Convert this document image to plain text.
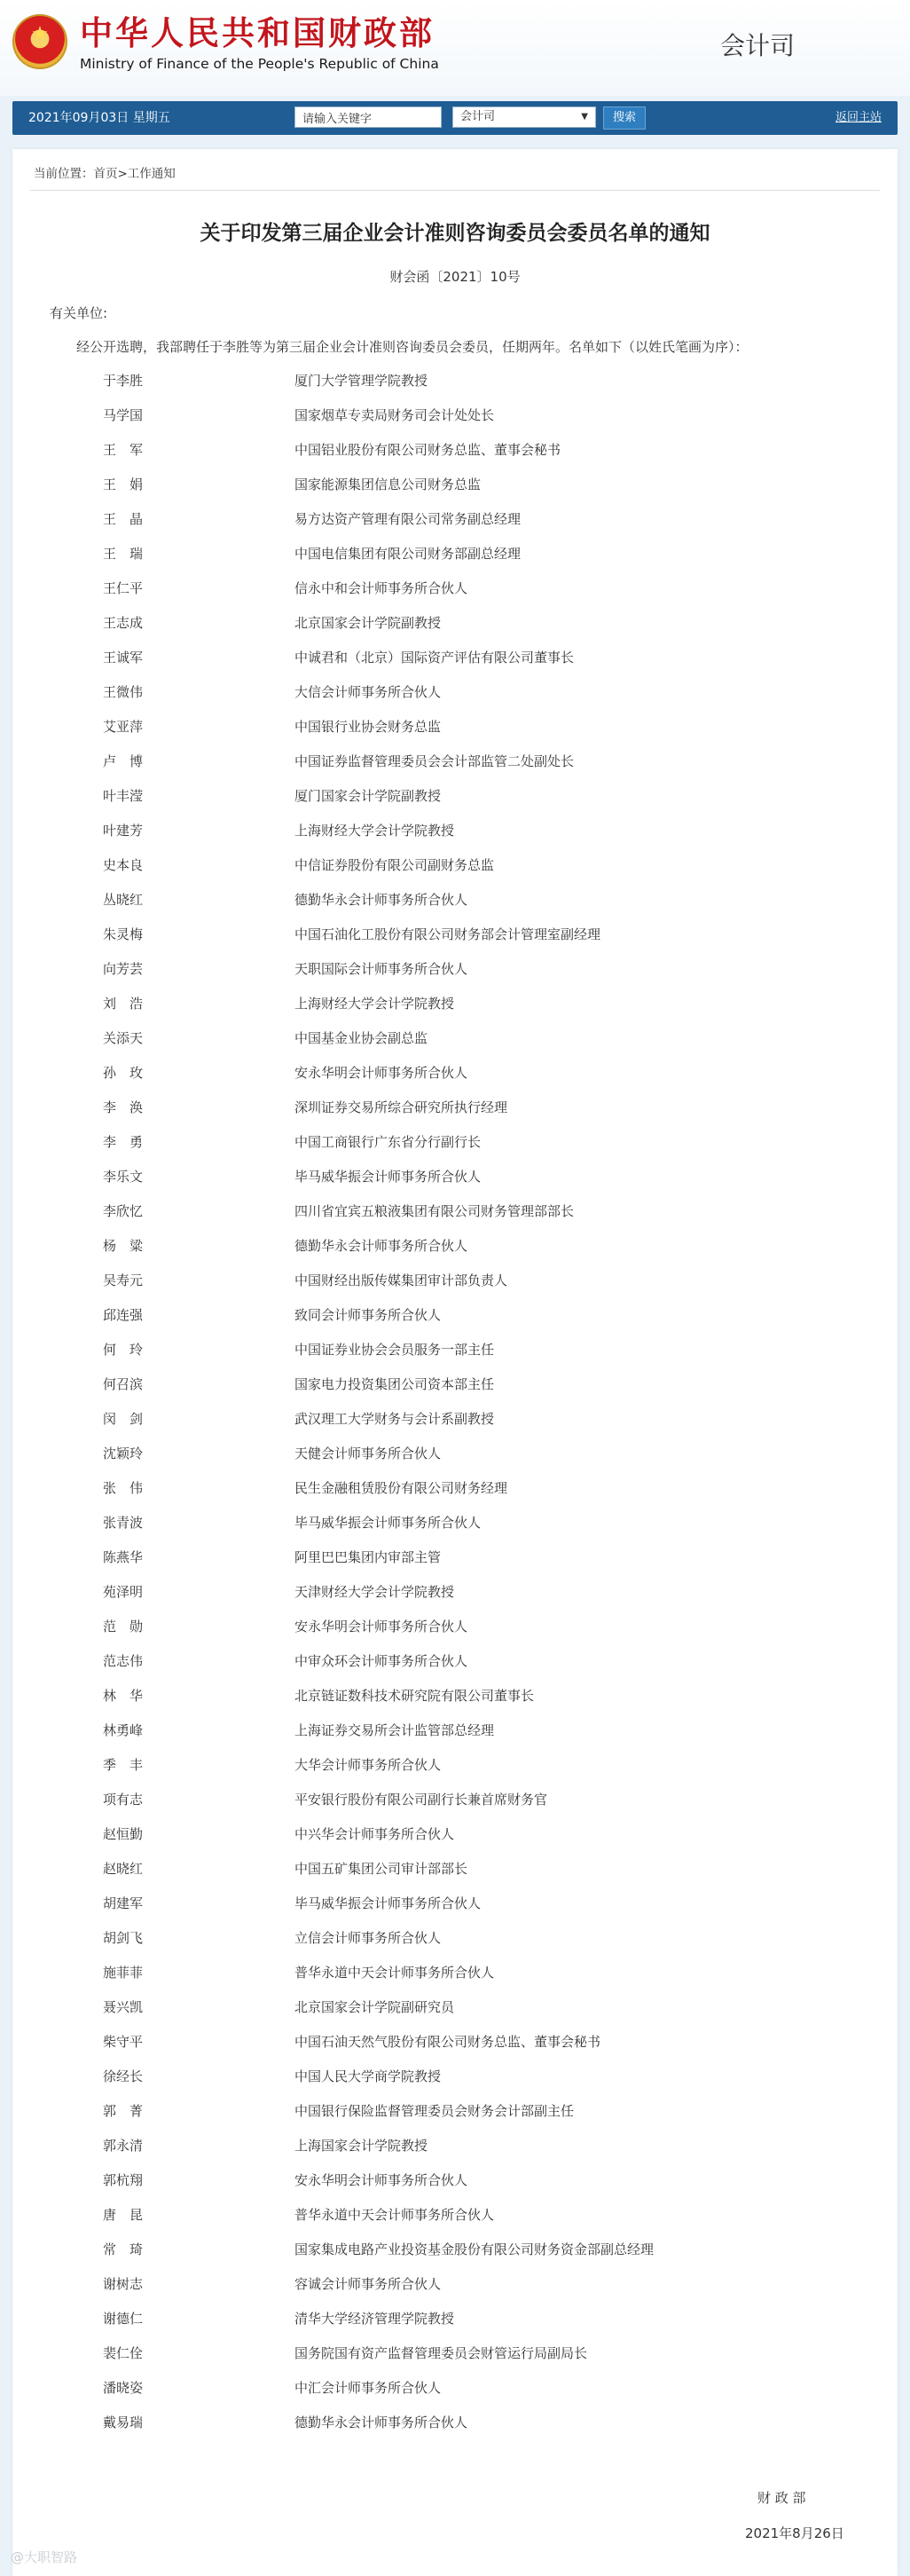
★ 中华人民共和国财政部
Ministry of Finance of the People's Republic of China
会计司
2021年09月03日 星期五
请输入关键字	会计司	▼	搜索	返回主站
当前位置：首页>工作通知
关于印发第三届企业会计准则咨询委员会委员名单的通知
财会函〔2021〕10号
有关单位:
经公开选聘，我部聘任于李胜等为第三届企业会计准则咨询委员会委员，任期两年。名单如下（以姓氏笔画为序）：
于李胜	厦门大学管理学院教授
马学国	国家烟草专卖局财务司会计处处长
王　军	中国铝业股份有限公司财务总监、董事会秘书
王　娟	国家能源集团信息公司财务总监
王　晶	易方达资产管理有限公司常务副总经理
王　瑞	中国电信集团有限公司财务部副总经理
王仁平	信永中和会计师事务所合伙人
王志成	北京国家会计学院副教授
王诚军	中诚君和（北京）国际资产评估有限公司董事长
王微伟	大信会计师事务所合伙人
艾亚萍	中国银行业协会财务总监
卢　博	中国证券监督管理委员会会计部监管二处副处长
叶丰滢	厦门国家会计学院副教授
叶建芳	上海财经大学会计学院教授
史本良	中信证券股份有限公司副财务总监
丛晓红	德勤华永会计师事务所合伙人
朱灵梅	中国石油化工股份有限公司财务部会计管理室副经理
向芳芸	天职国际会计师事务所合伙人
刘　浩	上海财经大学会计学院教授
关添天	中国基金业协会副总监
孙　玫	安永华明会计师事务所合伙人
李　涣	深圳证券交易所综合研究所执行经理
李　勇	中国工商银行广东省分行副行长
李乐文	毕马威华振会计师事务所合伙人
李欣忆	四川省宜宾五粮液集团有限公司财务管理部部长
杨　粱	德勤华永会计师事务所合伙人
吴寿元	中国财经出版传媒集团审计部负责人
邱连强	致同会计师事务所合伙人
何　玲	中国证券业协会会员服务一部主任
何召滨	国家电力投资集团公司资本部主任
闵　剑	武汉理工大学财务与会计系副教授
沈颖玲	天健会计师事务所合伙人
张　伟	民生金融租赁股份有限公司财务经理
张青波	毕马威华振会计师事务所合伙人
陈燕华	阿里巴巴集团内审部主管
苑泽明	天津财经大学会计学院教授
范　勋	安永华明会计师事务所合伙人
范志伟	中审众环会计师事务所合伙人
林　华	北京链证数科技术研究院有限公司董事长
林勇峰	上海证券交易所会计监管部总经理
季　丰	大华会计师事务所合伙人
项有志	平安银行股份有限公司副行长兼首席财务官
赵恒勤	中兴华会计师事务所合伙人
赵晓红	中国五矿集团公司审计部部长
胡建军	毕马威华振会计师事务所合伙人
胡剑飞	立信会计师事务所合伙人
施菲菲	普华永道中天会计师事务所合伙人
聂兴凯	北京国家会计学院副研究员
柴守平	中国石油天然气股份有限公司财务总监、董事会秘书
徐经长	中国人民大学商学院教授
郭　菁	中国银行保险监督管理委员会财务会计部副主任
郭永清	上海国家会计学院教授
郭杭翔	安永华明会计师事务所合伙人
唐　昆	普华永道中天会计师事务所合伙人
常　琦	国家集成电路产业投资基金股份有限公司财务资金部副总经理
谢树志	容诚会计师事务所合伙人
谢德仁	清华大学经济管理学院教授
裴仁佺	国务院国有资产监督管理委员会财管运行局副局长
潘晓姿	中汇会计师事务所合伙人
戴易瑞	德勤华永会计师事务所合伙人
财 政 部
2021年8月26日
@大职智路
